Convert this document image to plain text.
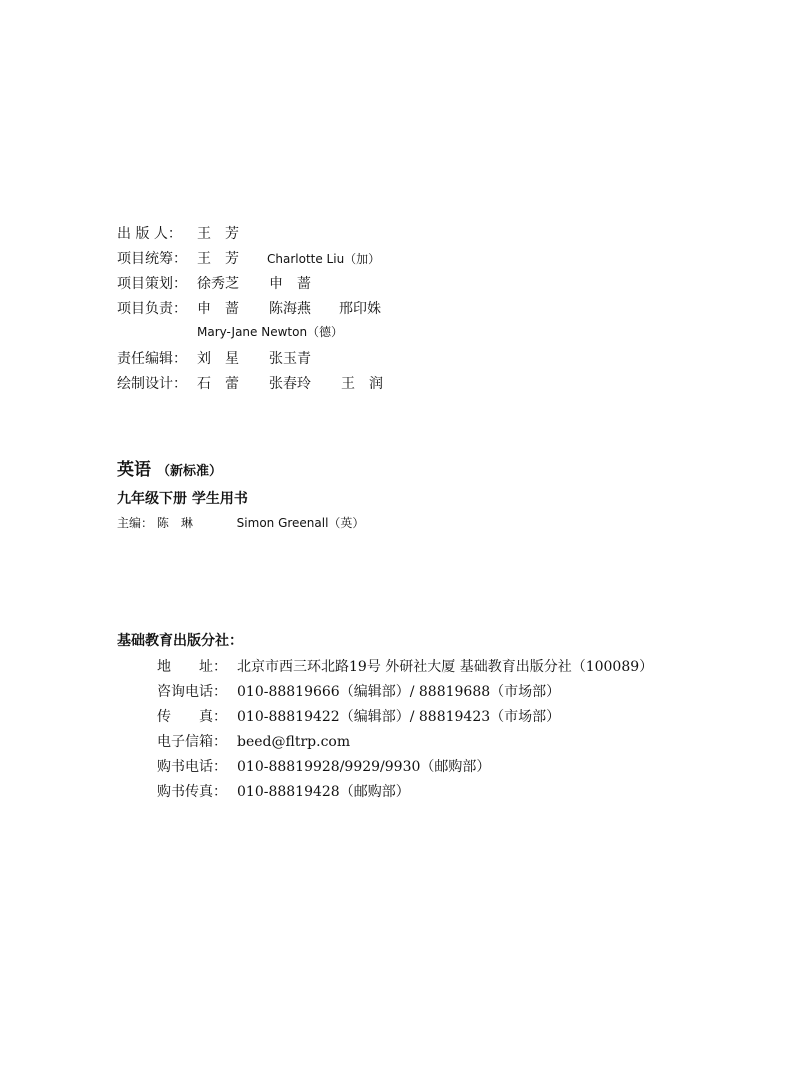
出 版 人：	王　芳
项目统筹： 王　芳	Charlotte Liu（加）
项目策划： 徐秀芝	申　蔷
项目负责： 申　蔷	陈海燕	邢印姝
Mary-Jane Newton（德）
责任编辑： 刘　星	张玉青
绘制设计： 石　蕾	张春玲	王　润
英语 （新标准）
九年级下册 学生用书
主编： 陈　琳	Simon Greenall（英）
基础教育出版分社：
地　　址： 北京市西三环北路19号 外研社大厦 基础教育出版分社（100089）
咨询电话： 010-88819666（编辑部）/ 88819688（市场部）
传　　真： 010-88819422（编辑部）/ 88819423（市场部）
电子信箱： beed@fltrp.com
购书电话： 010-88819928/9929/9930（邮购部）
购书传真： 010-88819428（邮购部）
